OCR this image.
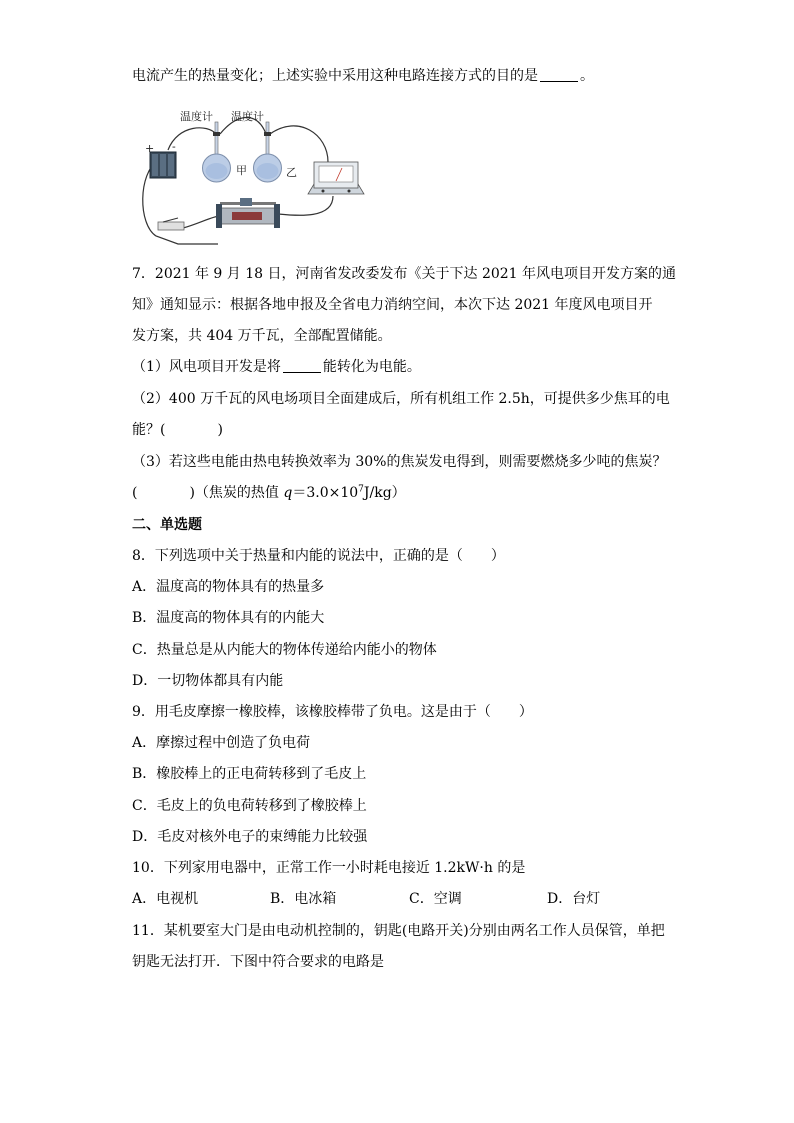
电流产生的热量变化；上述实验中采用这种电路连接方式的目的是	。
+ -
温度计 温度计
甲	乙
7．2021 年 9 月 18 日，河南省发改委发布《关于下达 2021 年风电项目开发方案的通
知》通知显示：根据各地申报及全省电力消纳空间，本次下达 2021 年度风电项目开
发方案，共 404 万千瓦，全部配置储能。
（1）风电项目开发是将	能转化为电能。
（2）400 万千瓦的风电场项目全面建成后，所有机组工作 2.5h，可提供多少焦耳的电
能？(	)
（3）若这些电能由热电转换效率为 30%的焦炭发电得到，则需要燃烧多少吨的焦炭？
(	)（焦炭的热值 $q=3.0\times 10^7J/kg$）
二、单选题
8．下列选项中关于热量和内能的说法中，正确的是（　　）
A．温度高的物体具有的热量多
B．温度高的物体具有的内能大
C．热量总是从内能大的物体传递给内能小的物体
D．一切物体都具有内能
9．用毛皮摩擦一橡胶棒，该橡胶棒带了负电。这是由于（　　）
A．摩擦过程中创造了负电荷
B．橡胶棒上的正电荷转移到了毛皮上
C．毛皮上的负电荷转移到了橡胶棒上
D．毛皮对核外电子的束缚能力比较强
10．下列家用电器中，正常工作一小时耗电接近 1.2kW·h 的是
A．电视机	B．电冰箱	C．空调	D．台灯
11．某机要室大门是由电动机控制的，钥匙(电路开关)分别由两名工作人员保管，单把
钥匙无法打开．下图中符合要求的电路是
